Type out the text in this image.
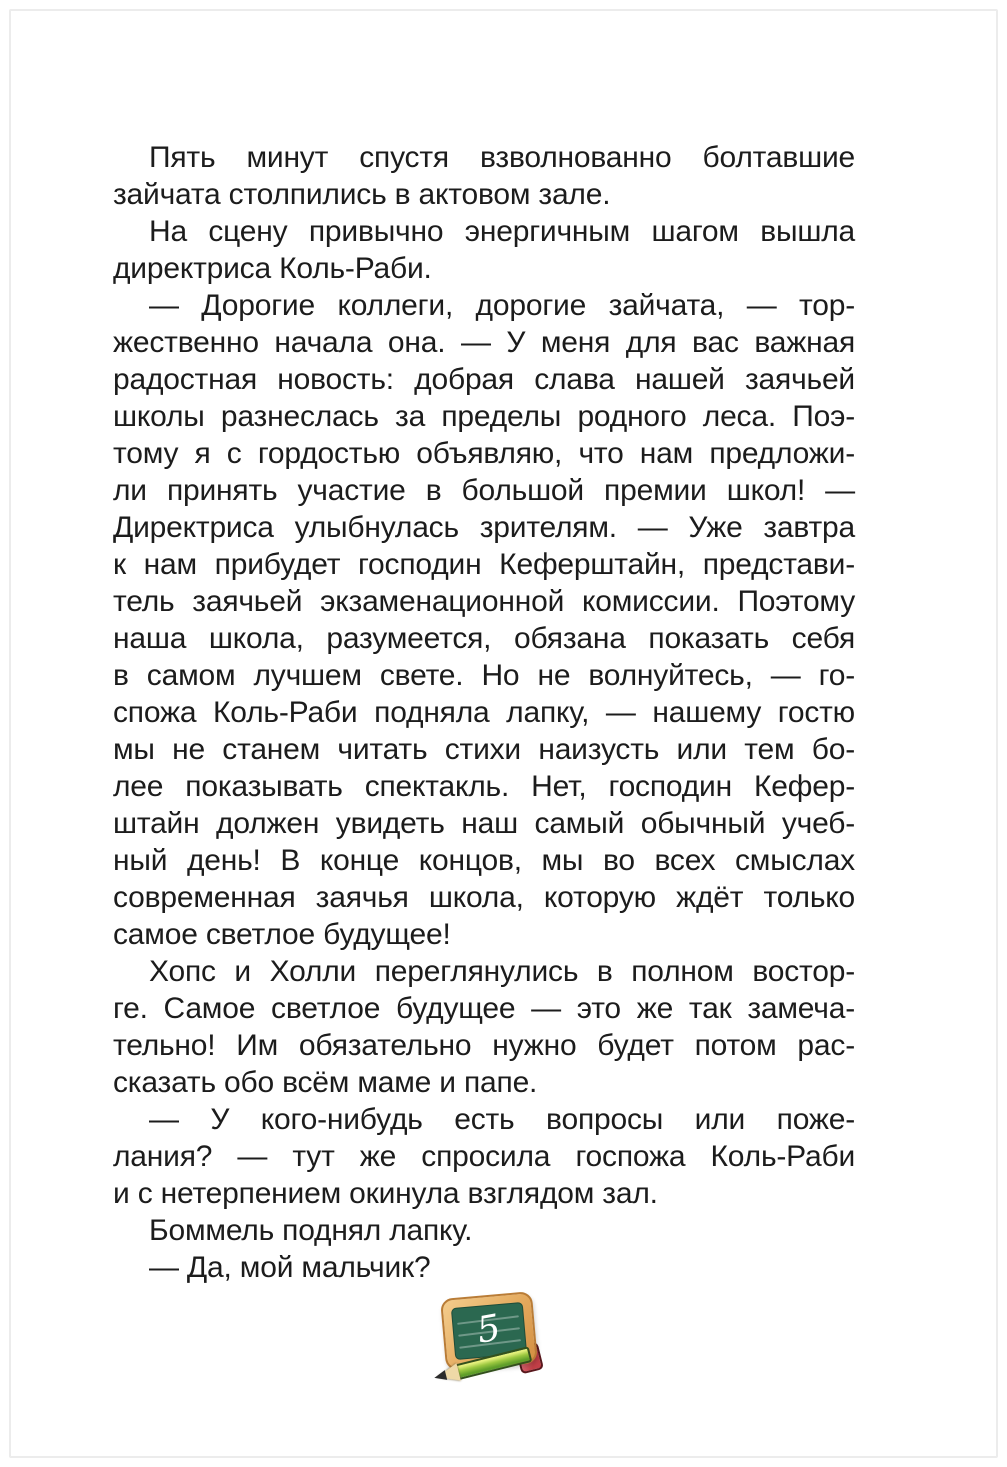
Пять минут спустя взволнованно болтавшие
зайчата столпились в актовом зале.
На сцену привычно энергичным шагом вышла
директриса Коль-Раби.
— Дорогие коллеги, дорогие зайчата, — тор-
жественно начала она. — У меня для вас важная
радостная новость: добрая слава нашей заячьей
школы разнеслась за пределы родного леса. Поэ-
тому я с гордостью объявляю, что нам предложи-
ли принять участие в большой премии школ! —
Директриса улыбнулась зрителям. — Уже завтра
к нам прибудет господин Кеферштайн, представи-
тель заячьей экзаменационной комиссии. Поэтому
наша школа, разумеется, обязана показать себя
в самом лучшем свете. Но не волнуйтесь, — го-
спожа Коль-Раби подняла лапку, — нашему гостю
мы не станем читать стихи наизусть или тем бо-
лее показывать спектакль. Нет, господин Кефер-
штайн должен увидеть наш самый обычный учеб-
ный день! В конце концов, мы во всех смыслах
современная заячья школа, которую ждёт только
самое светлое будущее!
Хопс и Холли переглянулись в полном востор-
ге. Самое светлое будущее — это же так замеча-
тельно! Им обязательно нужно будет потом рас-
сказать обо всём маме и папе.
— У кого-нибудь есть вопросы или поже-
лания? — тут же спросила госпожа Коль-Раби
и с нетерпением окинула взглядом зал.
Боммель поднял лапку.
— Да, мой мальчик?
5
